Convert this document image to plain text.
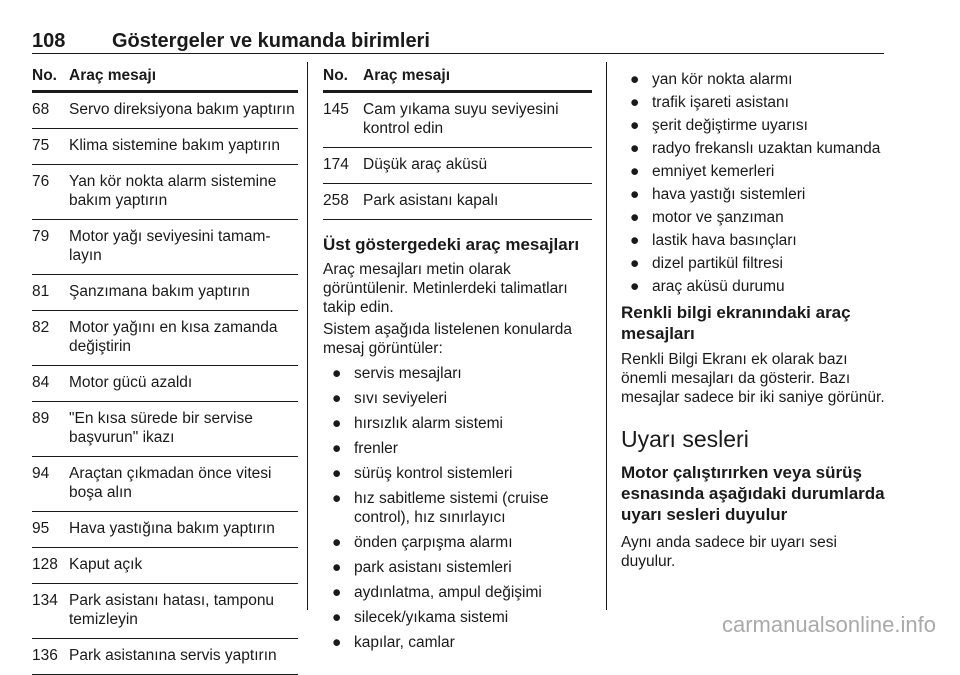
108 Göstergeler ve kumanda birimleri
No. Araç mesajı
68 Servo direksiyona bakım yaptırın
75 Klima sistemine bakım yaptırın
76 Yan kör nokta alarm sistemine bakım yaptırın
79 Motor yağı seviyesini tamam-layın
81 Şanzımana bakım yaptırın
82 Motor yağını en kısa zamanda değiştirin
84 Motor gücü azaldı
89 "En kısa sürede bir servise başvurun" ikazı
94 Araçtan çıkmadan önce vitesi boşa alın
95 Hava yastığına bakım yaptırın
128 Kaput açık
134 Park asistanı hatası, tamponu temizleyin
136 Park asistanına servis yaptırın
No. Araç mesajı
145 Cam yıkama suyu seviyesini kontrol edin
174 Düşük araç aküsü
258 Park asistanı kapalı
Üst göstergedeki araç mesajları

Araç mesajları metin olarak görüntülenir. Metinlerdeki talimatları takip edin.

Sistem aşağıda listelenen konularda mesaj görüntüler:

● servis mesajları

● sıvı seviyeleri

● hırsızlık alarm sistemi

● frenler

● sürüş kontrol sistemleri

● hız sabitleme sistemi (cruise control), hız sınırlayıcı

● önden çarpışma alarmı

● park asistanı sistemleri

● aydınlatma, ampul değişimi

● silecek/yıkama sistemi

● kapılar, camlar

● yan kör nokta alarmı

● trafik işareti asistanı

● şerit değiştirme uyarısı

● radyo frekanslı uzaktan kumanda

● emniyet kemerleri

● hava yastığı sistemleri

● motor ve şanzıman

● lastik hava basınçları

● dizel partikül filtresi

● araç aküsü durumu

Renkli bilgi ekranındaki araç mesajları

Renkli Bilgi Ekranı ek olarak bazı önemli mesajları da gösterir. Bazı mesajlar sadece bir iki saniye görünür.

Uyarı sesleri
Motor çalıştırırken veya sürüş esnasında aşağıdaki durumlarda uyarı sesleri duyulur

Aynı anda sadece bir uyarı sesi duyulur.

carmanualsonline.info
